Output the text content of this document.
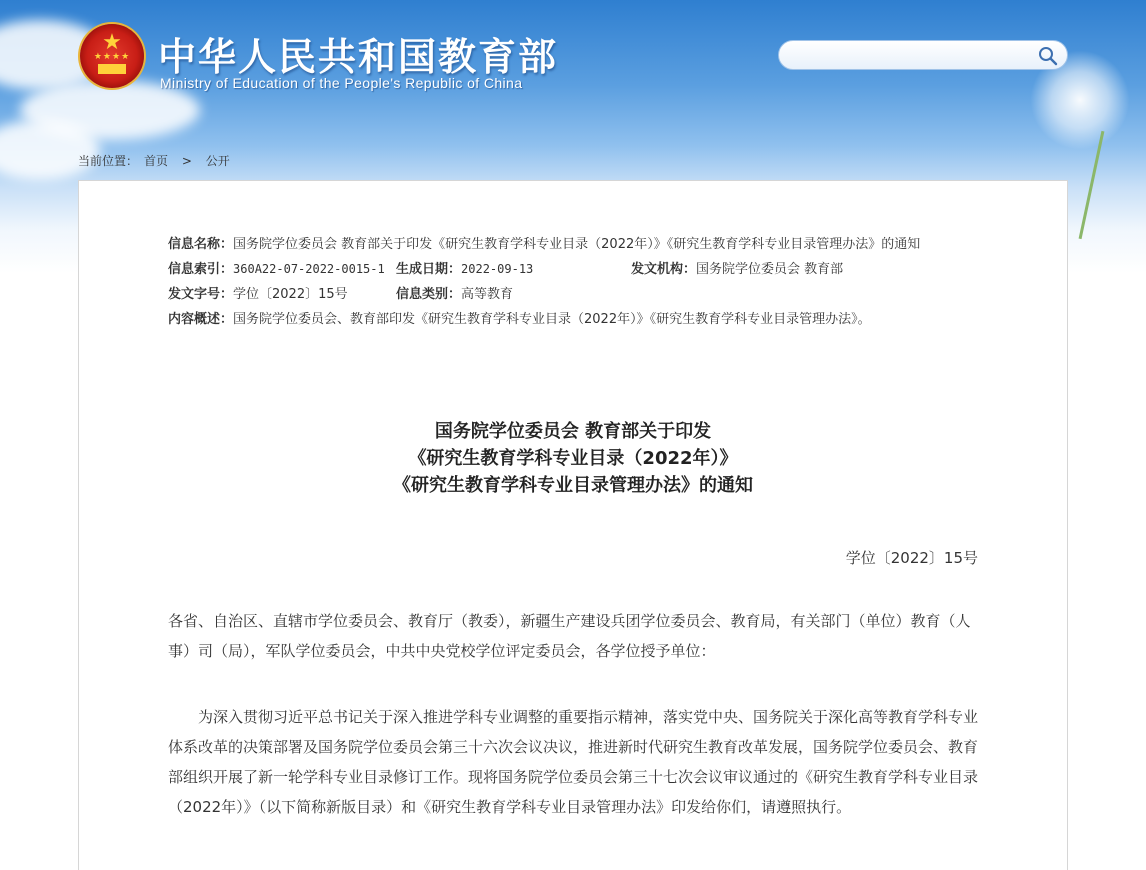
★
★★★★ 中华人民共和国教育部
Ministry of Education of the People's Republic of China
当前位置： 首页 > 公开
信息名称： 国务院学位委员会 教育部关于印发《研究生教育学科专业目录（2022年）》《研究生教育学科专业目录管理办法》的通知
信息索引： 360A22-07-2022-0015-1 生成日期： 2022-09-13	发文机构： 国务院学位委员会 教育部
发文字号： 学位〔2022〕15号	信息类别： 高等教育
内容概述： 国务院学位委员会、教育部印发《研究生教育学科专业目录（2022年）》《研究生教育学科专业目录管理办法》。
国务院学位委员会 教育部关于印发
《研究生教育学科专业目录（2022年）》
《研究生教育学科专业目录管理办法》的通知
学位〔2022〕15号

各省、自治区、直辖市学位委员会、教育厅（教委），新疆生产建设兵团学位委员会、教育局，有关部门（单位）教育（人事）司（局），军队学位委员会，中共中央党校学位评定委员会，各学位授予单位：

为深入贯彻习近平总书记关于深入推进学科专业调整的重要指示精神，落实党中央、国务院关于深化高等教育学科专业体系改革的决策部署及国务院学位委员会第三十六次会议决议，推进新时代研究生教育改革发展，国务院学位委员会、教育部组织开展了新一轮学科专业目录修订工作。现将国务院学位委员会第三十七次会议审议通过的《研究生教育学科专业目录（2022年）》（以下简称新版目录）和《研究生教育学科专业目录管理办法》印发给你们，请遵照执行。
